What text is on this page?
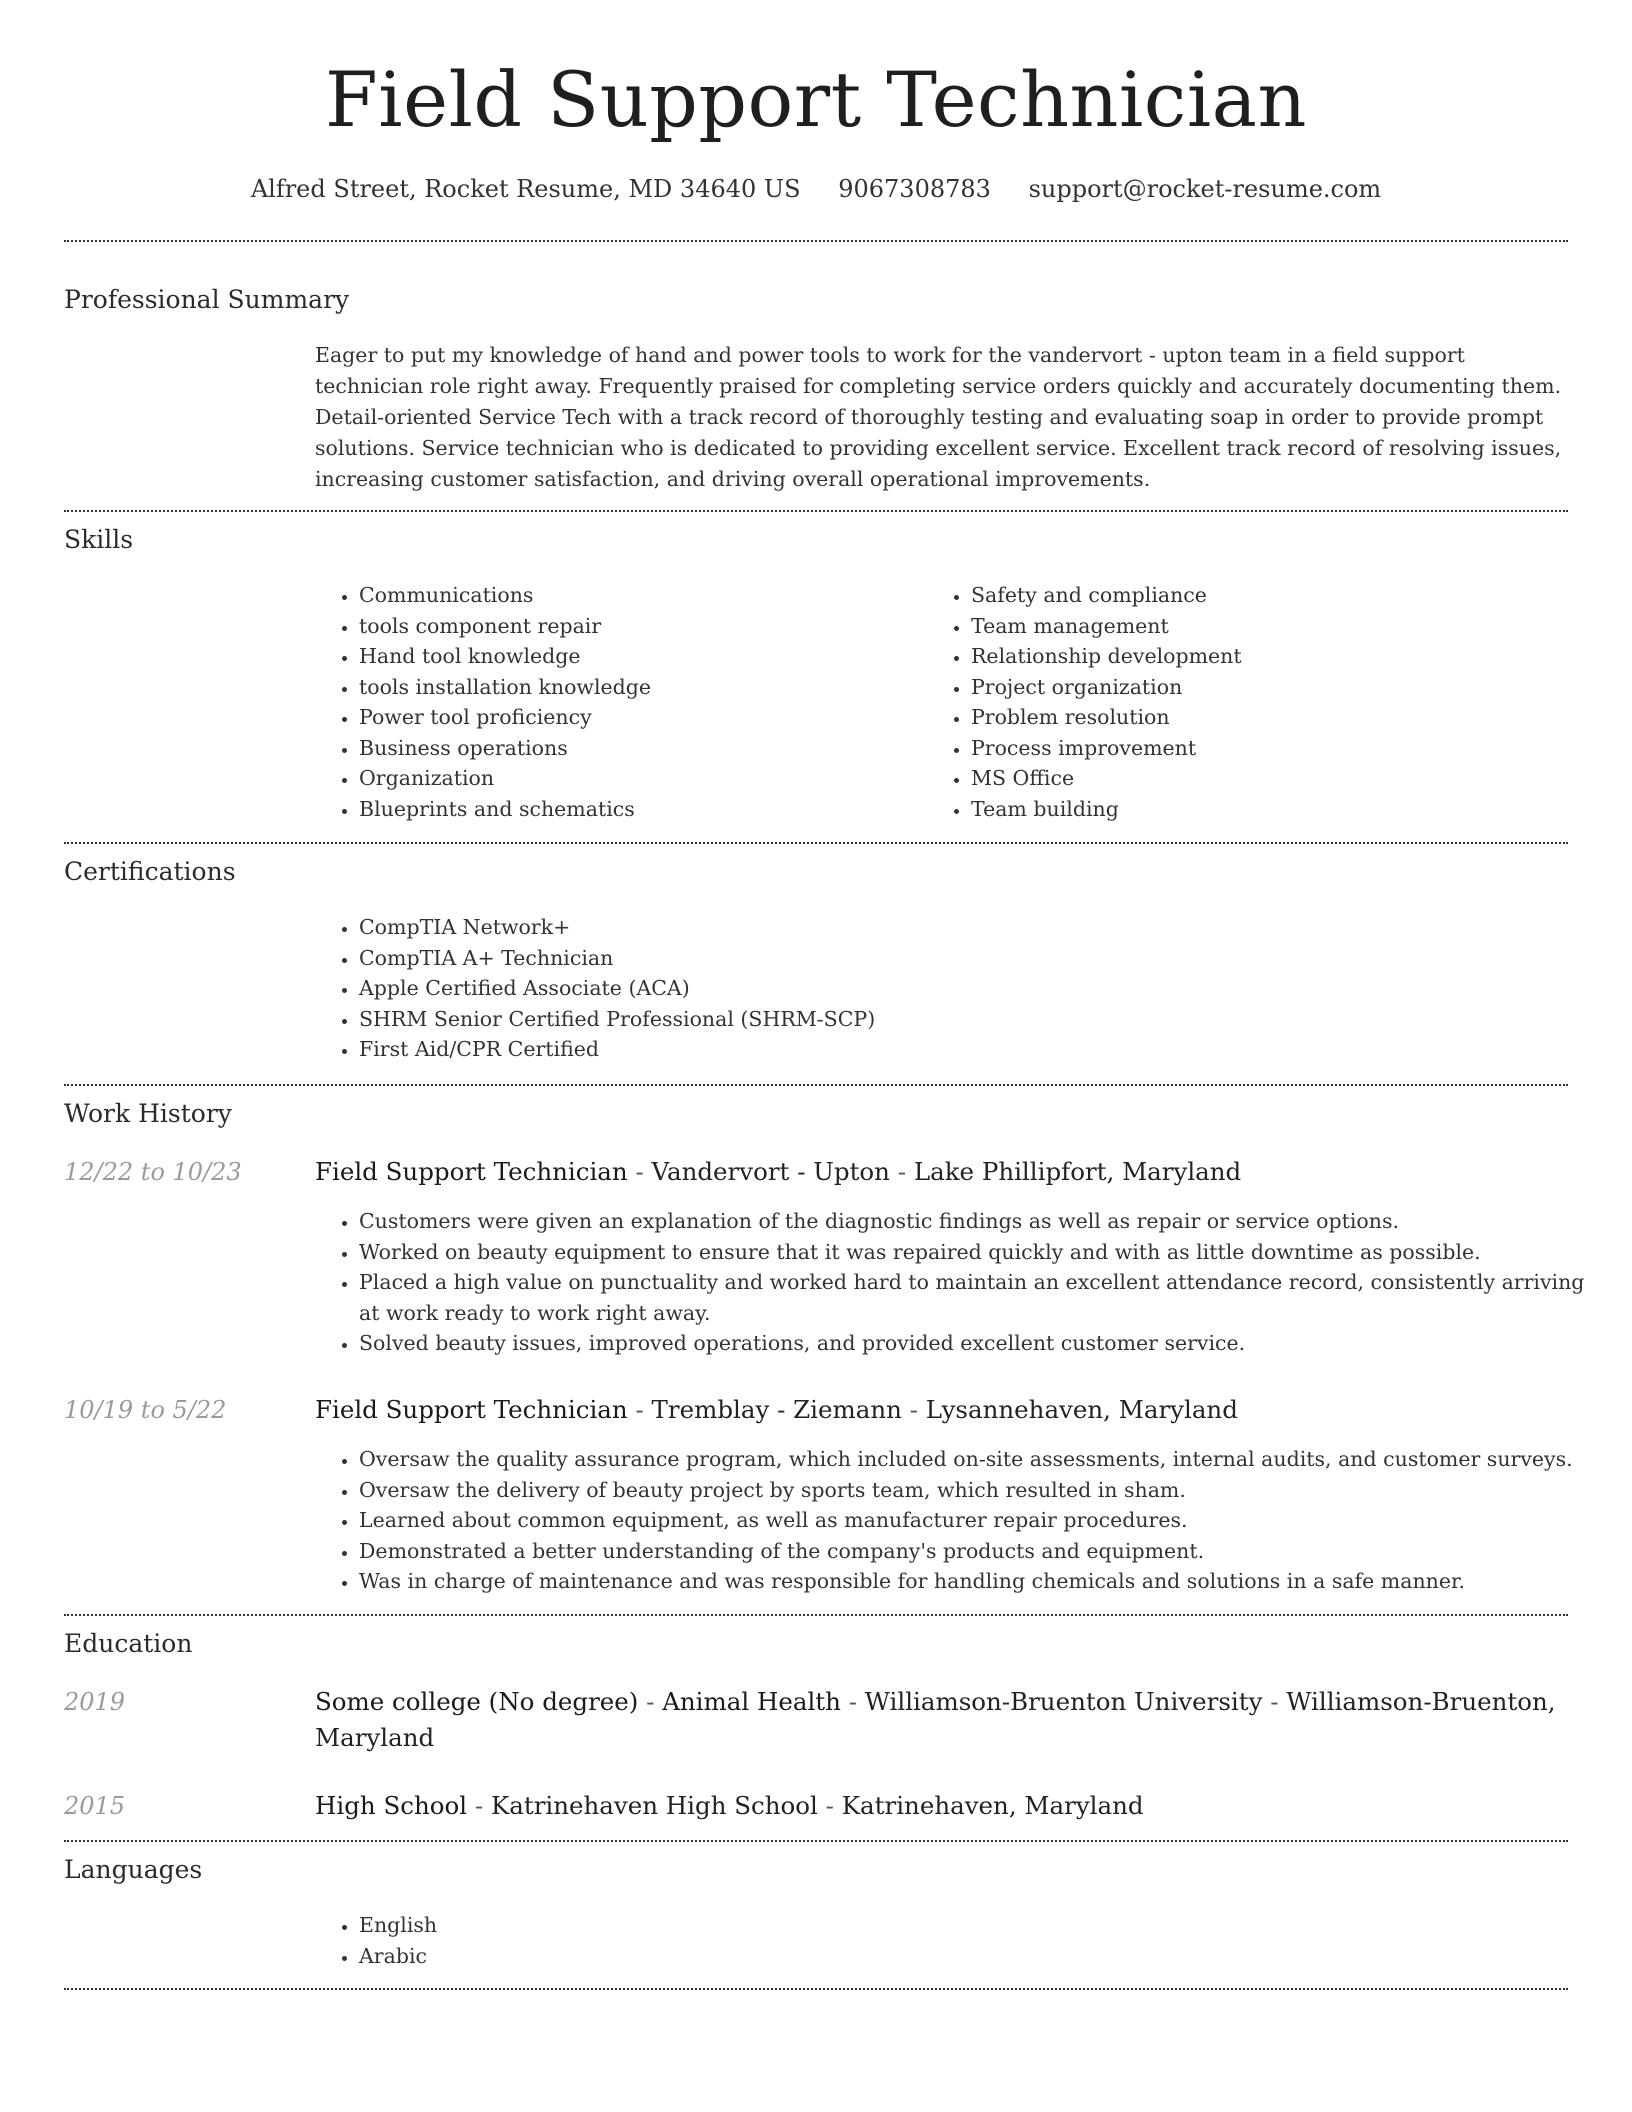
Field Support Technician
Alfred Street, Rocket Resume, MD 34640 US 9067308783 support@rocket-resume.com
Professional Summary

Eager to put my knowledge of hand and power tools to work for the vandervort - upton team in a field support technician role right away. Frequently praised for completing service orders quickly and accurately documenting them. Detail-oriented Service Tech with a track record of thoroughly testing and evaluating soap in order to provide prompt solutions. Service technician who is dedicated to providing excellent service. Excellent track record of resolving issues, increasing customer satisfaction, and driving overall operational improvements.

Skills
• Communications
• tools component repair
• Hand tool knowledge
• tools installation knowledge
• Power tool proficiency
• Business operations
• Organization
• Blueprints and schematics
• Safety and compliance
• Team management
• Relationship development
• Project organization
• Problem resolution
• Process improvement
• MS Office
• Team building
Certifications
• CompTIA Network+
• CompTIA A+ Technician
• Apple Certified Associate (ACA)
• SHRM Senior Certified Professional (SHRM-SCP)
• First Aid/CPR Certified
Work History
12/22 to 10/23	Field Support Technician - Vandervort - Upton - Lake Phillipfort, Maryland

• Customers were given an explanation of the diagnostic findings as well as repair or service options.
• Worked on beauty equipment to ensure that it was repaired quickly and with as little downtime as possible.
• Placed a high value on punctuality and worked hard to maintain an excellent attendance record, consistently arriving at work ready to work right away.
• Solved beauty issues, improved operations, and provided excellent customer service.
10/19 to 5/22	Field Support Technician - Tremblay - Ziemann - Lysannehaven, Maryland

• Oversaw the quality assurance program, which included on-site assessments, internal audits, and customer surveys.
• Oversaw the delivery of beauty project by sports team, which resulted in sham.
• Learned about common equipment, as well as manufacturer repair procedures.
• Demonstrated a better understanding of the company's products and equipment.
• Was in charge of maintenance and was responsible for handling chemicals and solutions in a safe manner.
Education
2019	Some college (No degree) - Animal Health - Williamson-Bruenton University - Williamson-Bruenton, Maryland

2015	High School - Katrinehaven High School - Katrinehaven, Maryland

Languages
• English
• Arabic
